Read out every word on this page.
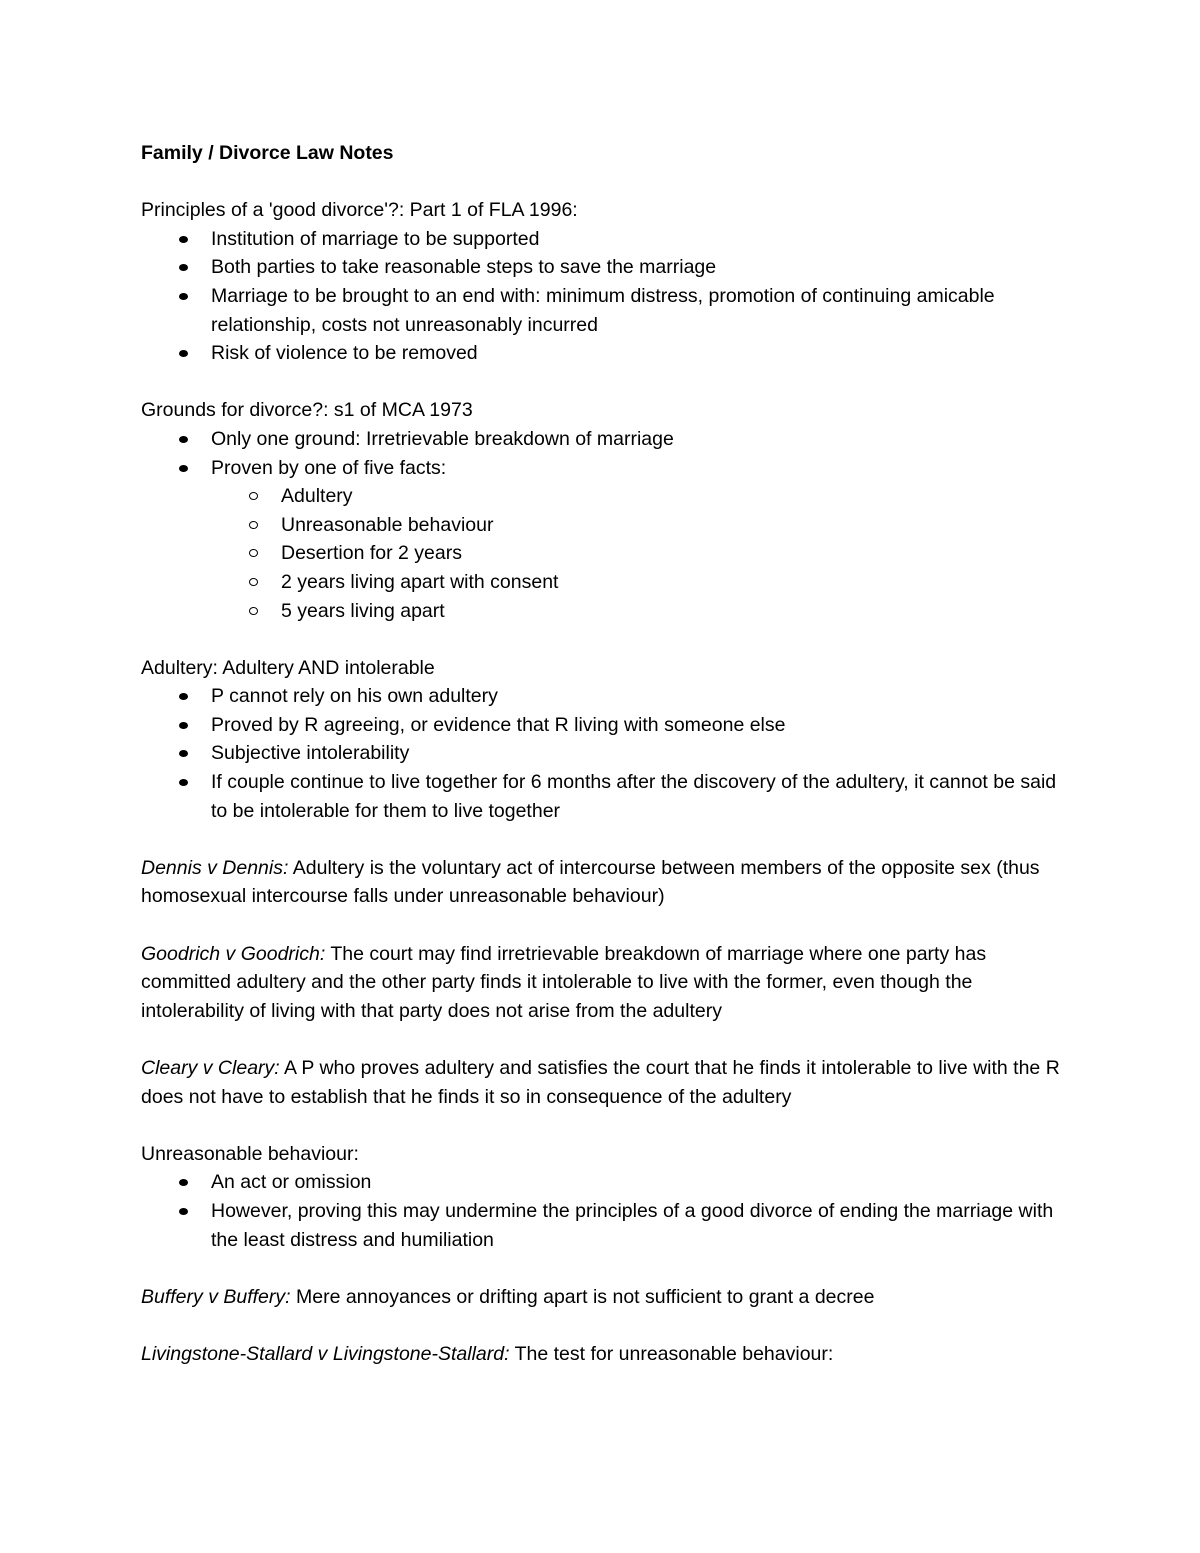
Family / Divorce Law Notes

Principles of a 'good divorce'?: Part 1 of FLA 1996:

Institution of marriage to be supported
Both parties to take reasonable steps to save the marriage
Marriage to be brought to an end with: minimum distress, promotion of continuing amicable relationship, costs not unreasonably incurred
Risk of violence to be removed

Grounds for divorce?: s1 of MCA 1973

Only one ground: Irretrievable breakdown of marriage
Proven by one of five facts:
Adultery
Unreasonable behaviour
Desertion for 2 years
2 years living apart with consent
5 years living apart

Adultery: Adultery AND intolerable

P cannot rely on his own adultery
Proved by R agreeing, or evidence that R living with someone else
Subjective intolerability
If couple continue to live together for 6 months after the discovery of the adultery, it cannot be said to be intolerable for them to live together

Dennis v Dennis: Adultery is the voluntary act of intercourse between members of the opposite sex (thus homosexual intercourse falls under unreasonable behaviour)

Goodrich v Goodrich: The court may find irretrievable breakdown of marriage where one party has committed adultery and the other party finds it intolerable to live with the former, even though the intolerability of living with that party does not arise from the adultery

Cleary v Cleary: A P who proves adultery and satisfies the court that he finds it intolerable to live with the R does not have to establish that he finds it so in consequence of the adultery

Unreasonable behaviour:

An act or omission
However, proving this may undermine the principles of a good divorce of ending the marriage with the least distress and humiliation

Buffery v Buffery: Mere annoyances or drifting apart is not sufficient to grant a decree

Livingstone-Stallard v Livingstone-Stallard: The test for unreasonable behaviour:
